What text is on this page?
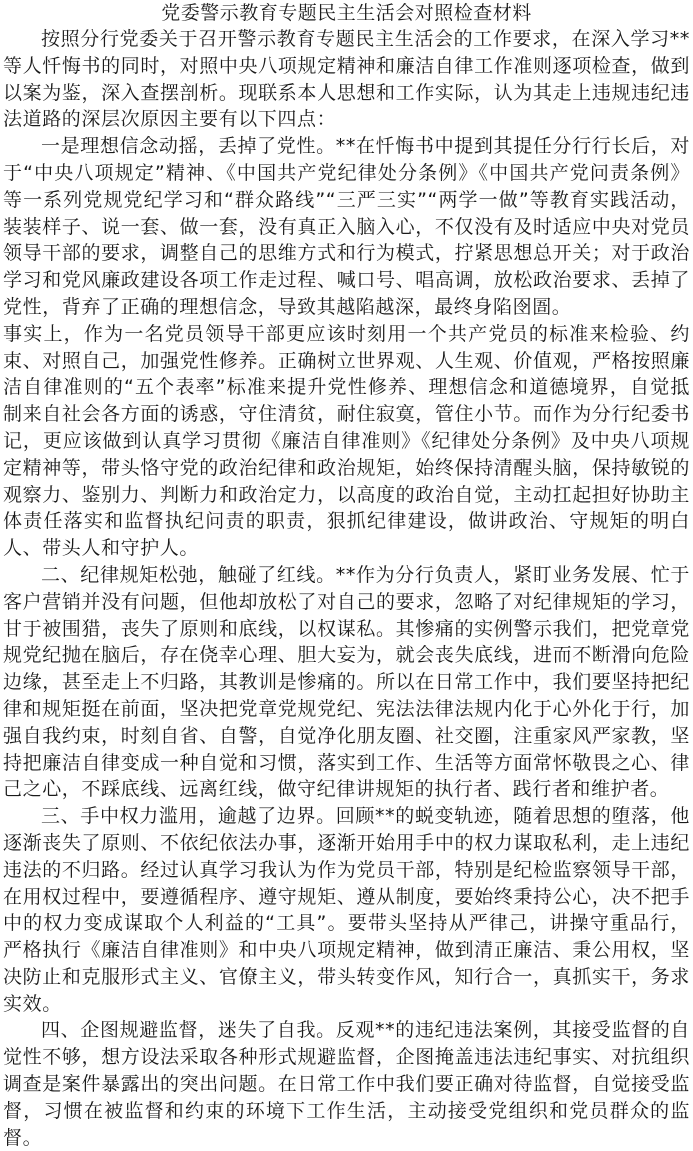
党委警示教育专题民主生活会对照检查材料

按照分行党委关于召开警示教育专题民主生活会的工作要求，在深入学习**等人忏悔书的同时，对照中央八项规定精神和廉洁自律工作准则逐项检查，做到以案为鉴，深入查摆剖析。现联系本人思想和工作实际，认为其走上违规违纪违法道路的深层次原因主要有以下四点：

一是理想信念动摇，丢掉了党性。**在忏悔书中提到其提任分行行长后，对于“中央八项规定”精神、《中国共产党纪律处分条例》《中国共产党问责条例》等一系列党规党纪学习和“群众路线”“三严三实”“两学一做”等教育实践活动，装装样子、说一套、做一套，没有真正入脑入心，不仅没有及时适应中央对党员领导干部的要求，调整自己的思维方式和行为模式，拧紧思想总开关；对于政治学习和党风廉政建设各项工作走过程、喊口号、唱高调，放松政治要求、丢掉了党性，背弃了正确的理想信念，导致其越陷越深，最终身陷囹圄。

事实上，作为一名党员领导干部更应该时刻用一个共产党员的标准来检验、约束、对照自己，加强党性修养。正确树立世界观、人生观、价值观，严格按照廉洁自律准则的“五个表率”标准来提升党性修养、理想信念和道德境界，自觉抵制来自社会各方面的诱惑，守住清贫，耐住寂寞，管住小节。而作为分行纪委书记，更应该做到认真学习贯彻《廉洁自律准则》《纪律处分条例》及中央八项规定精神等，带头恪守党的政治纪律和政治规矩，始终保持清醒头脑，保持敏锐的观察力、鉴别力、判断力和政治定力，以高度的政治自觉，主动扛起担好协助主体责任落实和监督执纪问责的职责，狠抓纪律建设，做讲政治、守规矩的明白人、带头人和守护人。

二、纪律规矩松弛，触碰了红线。**作为分行负责人，紧盯业务发展、忙于客户营销并没有问题，但他却放松了对自己的要求，忽略了对纪律规矩的学习，甘于被围猎，丧失了原则和底线，以权谋私。其惨痛的实例警示我们，把党章党规党纪抛在脑后，存在侥幸心理、胆大妄为，就会丧失底线，进而不断滑向危险边缘，甚至走上不归路，其教训是惨痛的。所以在日常工作中，我们要坚持把纪律和规矩挺在前面，坚决把党章党规党纪、宪法法律法规内化于心外化于行，加强自我约束，时刻自省、自警，自觉净化朋友圈、社交圈，注重家风严家教，坚持把廉洁自律变成一种自觉和习惯，落实到工作、生活等方面常怀敬畏之心、律己之心，不踩底线、远离红线，做守纪律讲规矩的执行者、践行者和维护者。

三、手中权力滥用，逾越了边界。回顾**的蜕变轨迹，随着思想的堕落，他逐渐丧失了原则、不依纪依法办事，逐渐开始用手中的权力谋取私利，走上违纪违法的不归路。经过认真学习我认为作为党员干部，特别是纪检监察领导干部，在用权过程中，要遵循程序、遵守规矩、遵从制度，要始终秉持公心，决不把手中的权力变成谋取个人利益的“工具”。要带头坚持从严律己，讲操守重品行，严格执行《廉洁自律准则》和中央八项规定精神，做到清正廉洁、秉公用权，坚决防止和克服形式主义、官僚主义，带头转变作风，知行合一，真抓实干，务求实效。

四、企图规避监督，迷失了自我。反观**的违纪违法案例，其接受监督的自觉性不够，想方设法采取各种形式规避监督，企图掩盖违法违纪事实、对抗组织调查是案件暴露出的突出问题。在日常工作中我们要正确对待监督，自觉接受监督，习惯在被监督和约束的环境下工作生活，主动接受党组织和党员群众的监督。
